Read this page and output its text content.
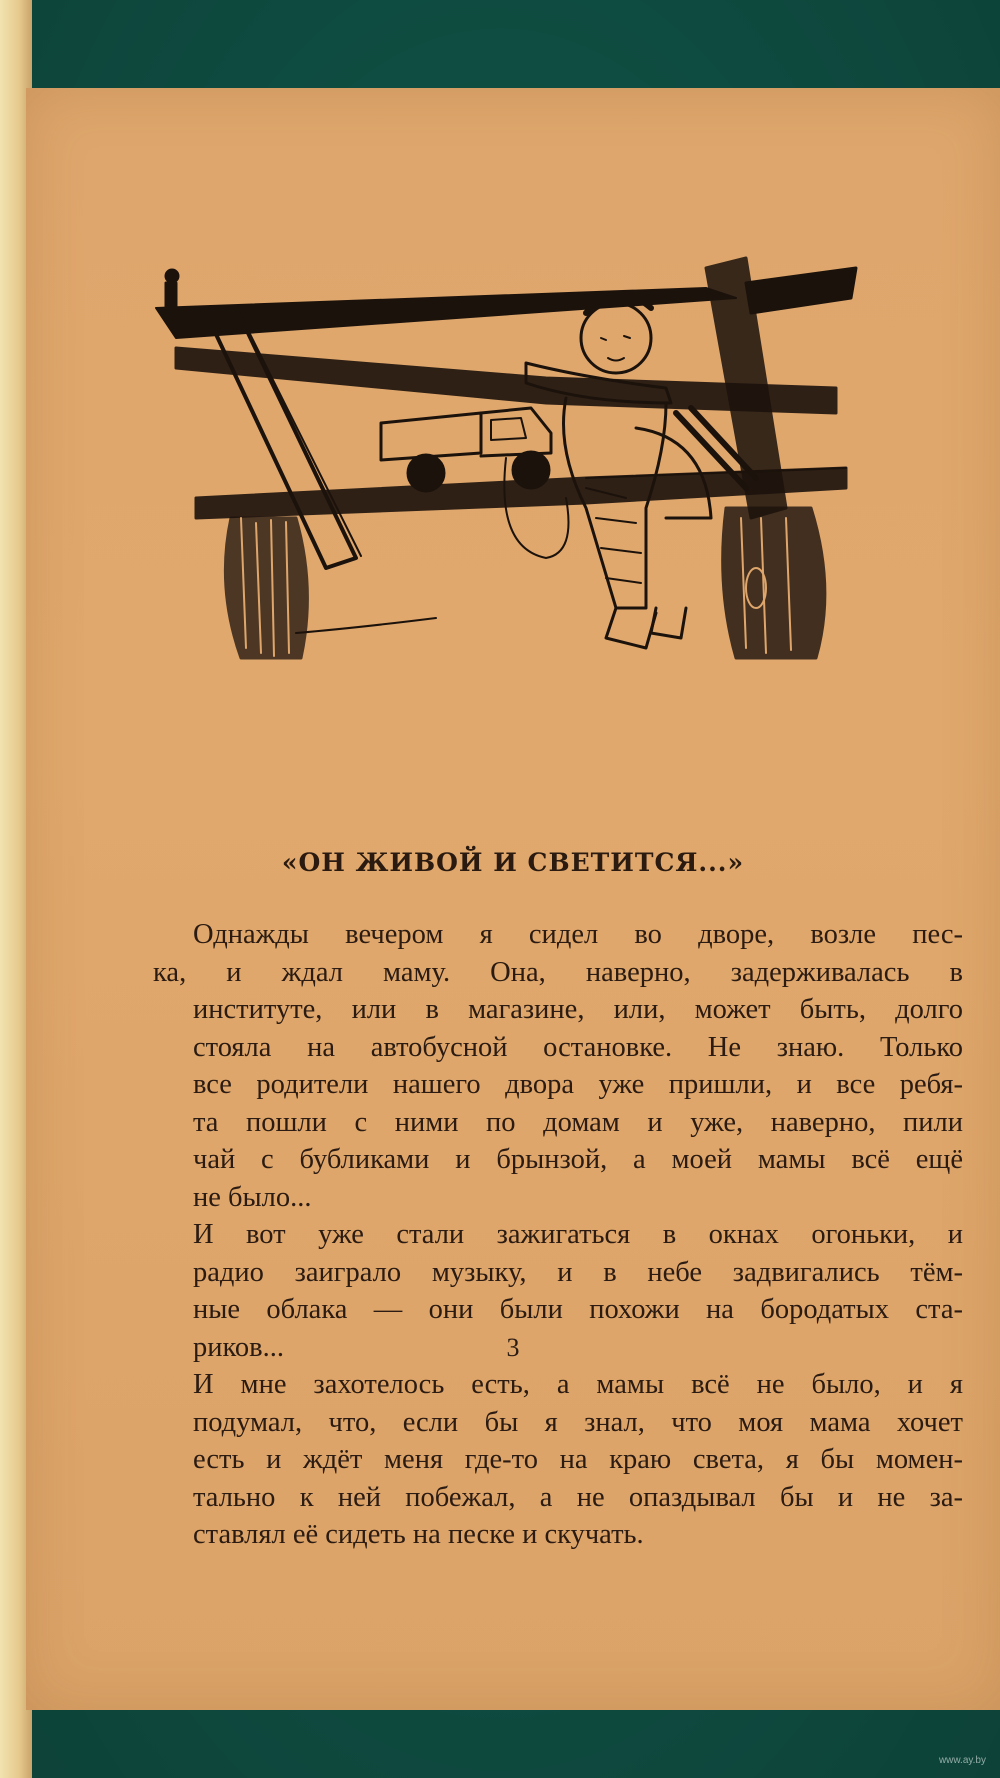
«ОН ЖИВОЙ И СВЕТИТСЯ...»

Однажды вечером я сидел во дворе, возле пес-
ка, и ждал маму. Она, наверно, задерживалась в
институте, или в магазине, или, может быть, долго
стояла на автобусной остановке. Не знаю. Только
все родители нашего двора уже пришли, и все ребя-
та пошли с ними по домам и уже, наверно, пили
чай с бубликами и брынзой, а моей мамы всё ещё
не было...

И вот уже стали зажигаться в окнах огоньки, и
радио заиграло музыку, и в небе задвигались тём-
ные облака — они были похожи на бородатых ста-
риков...

И мне захотелось есть, а мамы всё не было, и я
подумал, что, если бы я знал, что моя мама хочет
есть и ждёт меня где-то на краю света, я бы момен-
тально к ней побежал, а не опаздывал бы и не за-
ставлял её сидеть на песке и скучать.

3
www.ay.by
